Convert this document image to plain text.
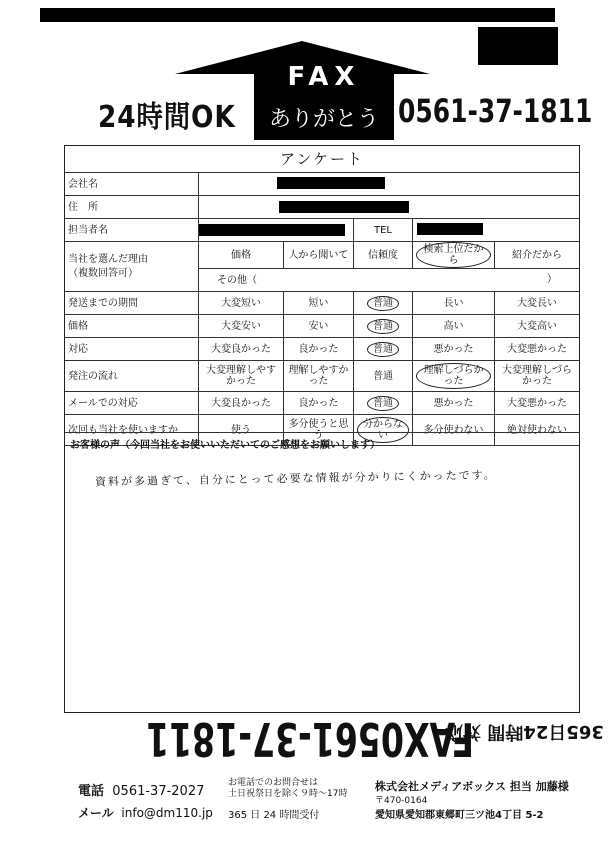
FAX
ありがとう
24時間OK	0561-37-1811
アンケート					
会社名					

住　所					

担当者名			TEL		

当社を選んだ理由
（複数回答可）	価格	人から聞いて	信頼度	検索上位だから	紹介だから
	その他（ ）				

発送までの期間	大変短い	短い	普通	長い	大変長い
価格	大変安い	安い	普通	高い	大変高い
対応	大変良かった	良かった	普通	悪かった	大変悪かった
発注の流れ	大変理解しやすかった	理解しやすかった	普通	理解しづらかった	大変理解しづらかった
メールでの対応	大変良かった	良かった	普通	悪かった	大変悪かった
次回も当社を使いますか	使う	多分使うと思う	分からない	多分使わない	絶対使わない
お客様の声（今回当社をお使いいただいてのご感想をお願いします）
資料が多過ぎて、自分にとって必要な情報が分かりにくかったです。
FAX0561-37-1811
365日24時間 対応
電話 0561-37-2027
お電話でのお問合せは
土日祝祭日を除く９時〜17時
メール info@dm110.jp 365 日 24 時間受付
株式会社メディアボックス 担当 加藤様
〒470-0164
愛知県愛知郡東郷町三ツ池4丁目 5-2
